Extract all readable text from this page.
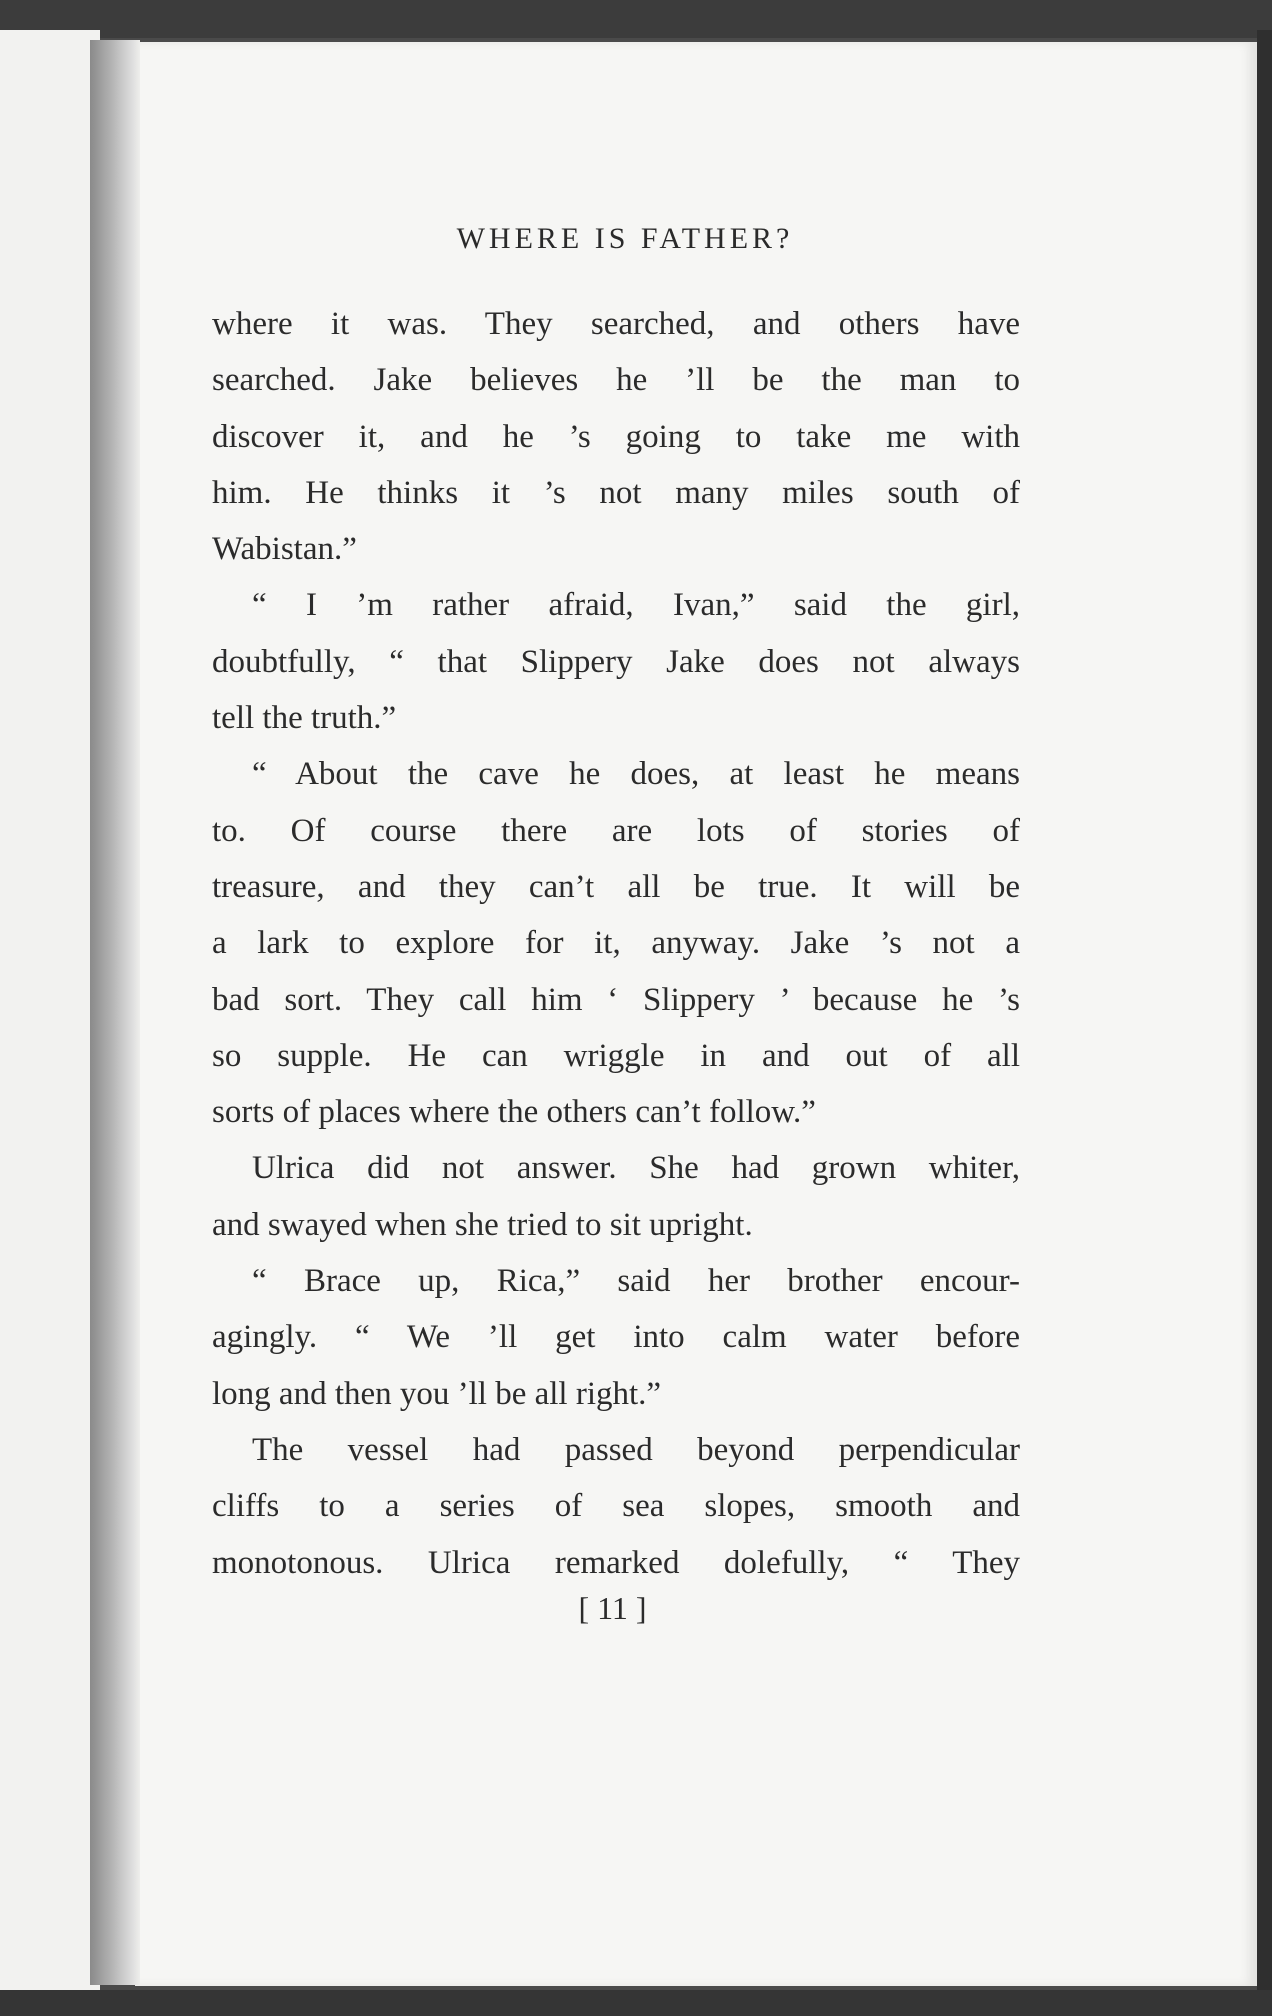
WHERE IS FATHER?
where it was. They searched, and others have
searched. Jake believes he ’ll be the man to
discover it, and he ’s going to take me with
him. He thinks it ’s not many miles south of
Wabistan.”
“ I ’m rather afraid, Ivan,” said the girl,
doubtfully, “ that Slippery Jake does not always
tell the truth.”
“ About the cave he does, at least he means
to. Of course there are lots of stories of
treasure, and they can’t all be true. It will be
a lark to explore for it, anyway. Jake ’s not a
bad sort. They call him ‘ Slippery ’ because he ’s
so supple. He can wriggle in and out of all
sorts of places where the others can’t follow.”
Ulrica did not answer. She had grown whiter,
and swayed when she tried to sit upright.
“ Brace up, Rica,” said her brother encour-
agingly. “ We ’ll get into calm water before
long and then you ’ll be all right.”
The vessel had passed beyond perpendicular
cliffs to a series of sea slopes, smooth and
monotonous. Ulrica remarked dolefully, “ They
[ 11 ]
